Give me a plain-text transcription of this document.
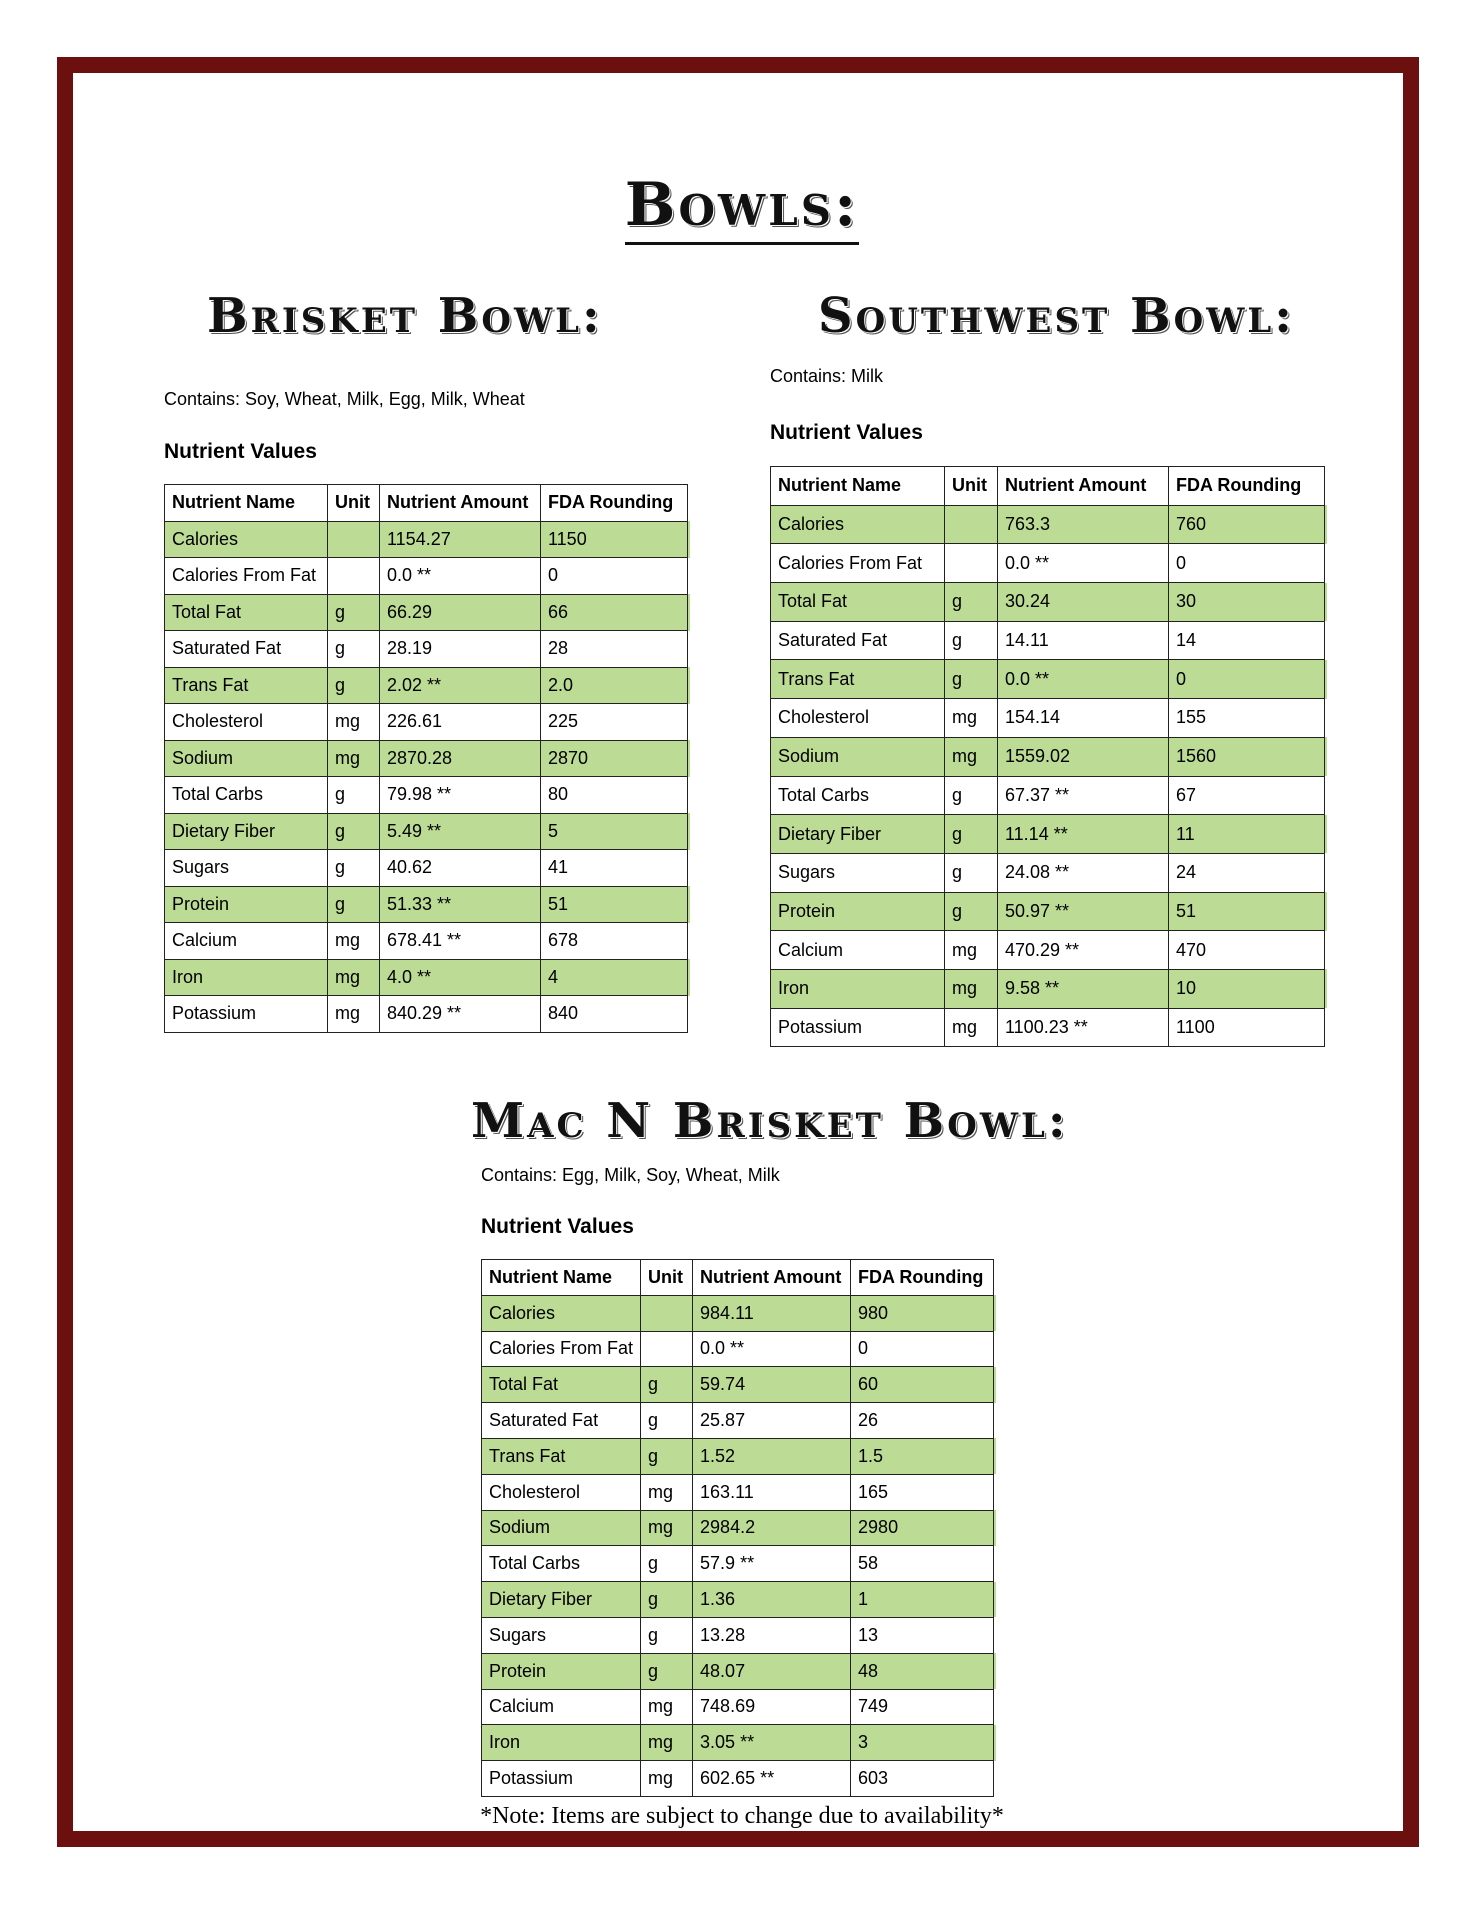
Bowls:
Brisket Bowl:
Contains: Soy, Wheat, Milk, Egg, Milk, Wheat
Nutrient Values
Nutrient Name	Unit	Nutrient Amount	FDA Rounding	
Calories		1154.27	1150	
Calories From Fat		0.0 **	0	
Total Fat	g	66.29	66	
Saturated Fat	g	28.19	28	
Trans Fat	g	2.02 **	2.0	
Cholesterol	mg	226.61	225	
Sodium	mg	2870.28	2870	
Total Carbs	g	79.98 **	80	
Dietary Fiber	g	5.49 **	5	
Sugars	g	40.62	41	
Protein	g	51.33 **	51	
Calcium	mg	678.41 **	678	
Iron	mg	4.0 **	4	
Potassium	mg	840.29 **	840	
Southwest Bowl:
Contains: Milk
Nutrient Values
Nutrient Name	Unit	Nutrient Amount	FDA Rounding	
Calories		763.3	760	
Calories From Fat		0.0 **	0	
Total Fat	g	30.24	30	
Saturated Fat	g	14.11	14	
Trans Fat	g	0.0 **	0	
Cholesterol	mg	154.14	155	
Sodium	mg	1559.02	1560	
Total Carbs	g	67.37 **	67	
Dietary Fiber	g	11.14 **	11	
Sugars	g	24.08 **	24	
Protein	g	50.97 **	51	
Calcium	mg	470.29 **	470	
Iron	mg	9.58 **	10	
Potassium	mg	1100.23 **	1100	
Mac N Brisket Bowl:
Contains: Egg, Milk, Soy, Wheat, Milk
Nutrient Values
Nutrient Name	Unit	Nutrient Amount	FDA Rounding	
Calories		984.11	980	
Calories From Fat		0.0 **	0	
Total Fat	g	59.74	60	
Saturated Fat	g	25.87	26	
Trans Fat	g	1.52	1.5	
Cholesterol	mg	163.11	165	
Sodium	mg	2984.2	2980	
Total Carbs	g	57.9 **	58	
Dietary Fiber	g	1.36	1	
Sugars	g	13.28	13	
Protein	g	48.07	48	
Calcium	mg	748.69	749	
Iron	mg	3.05 **	3	
Potassium	mg	602.65 **	603	
*Note: Items are subject to change due to availability*
